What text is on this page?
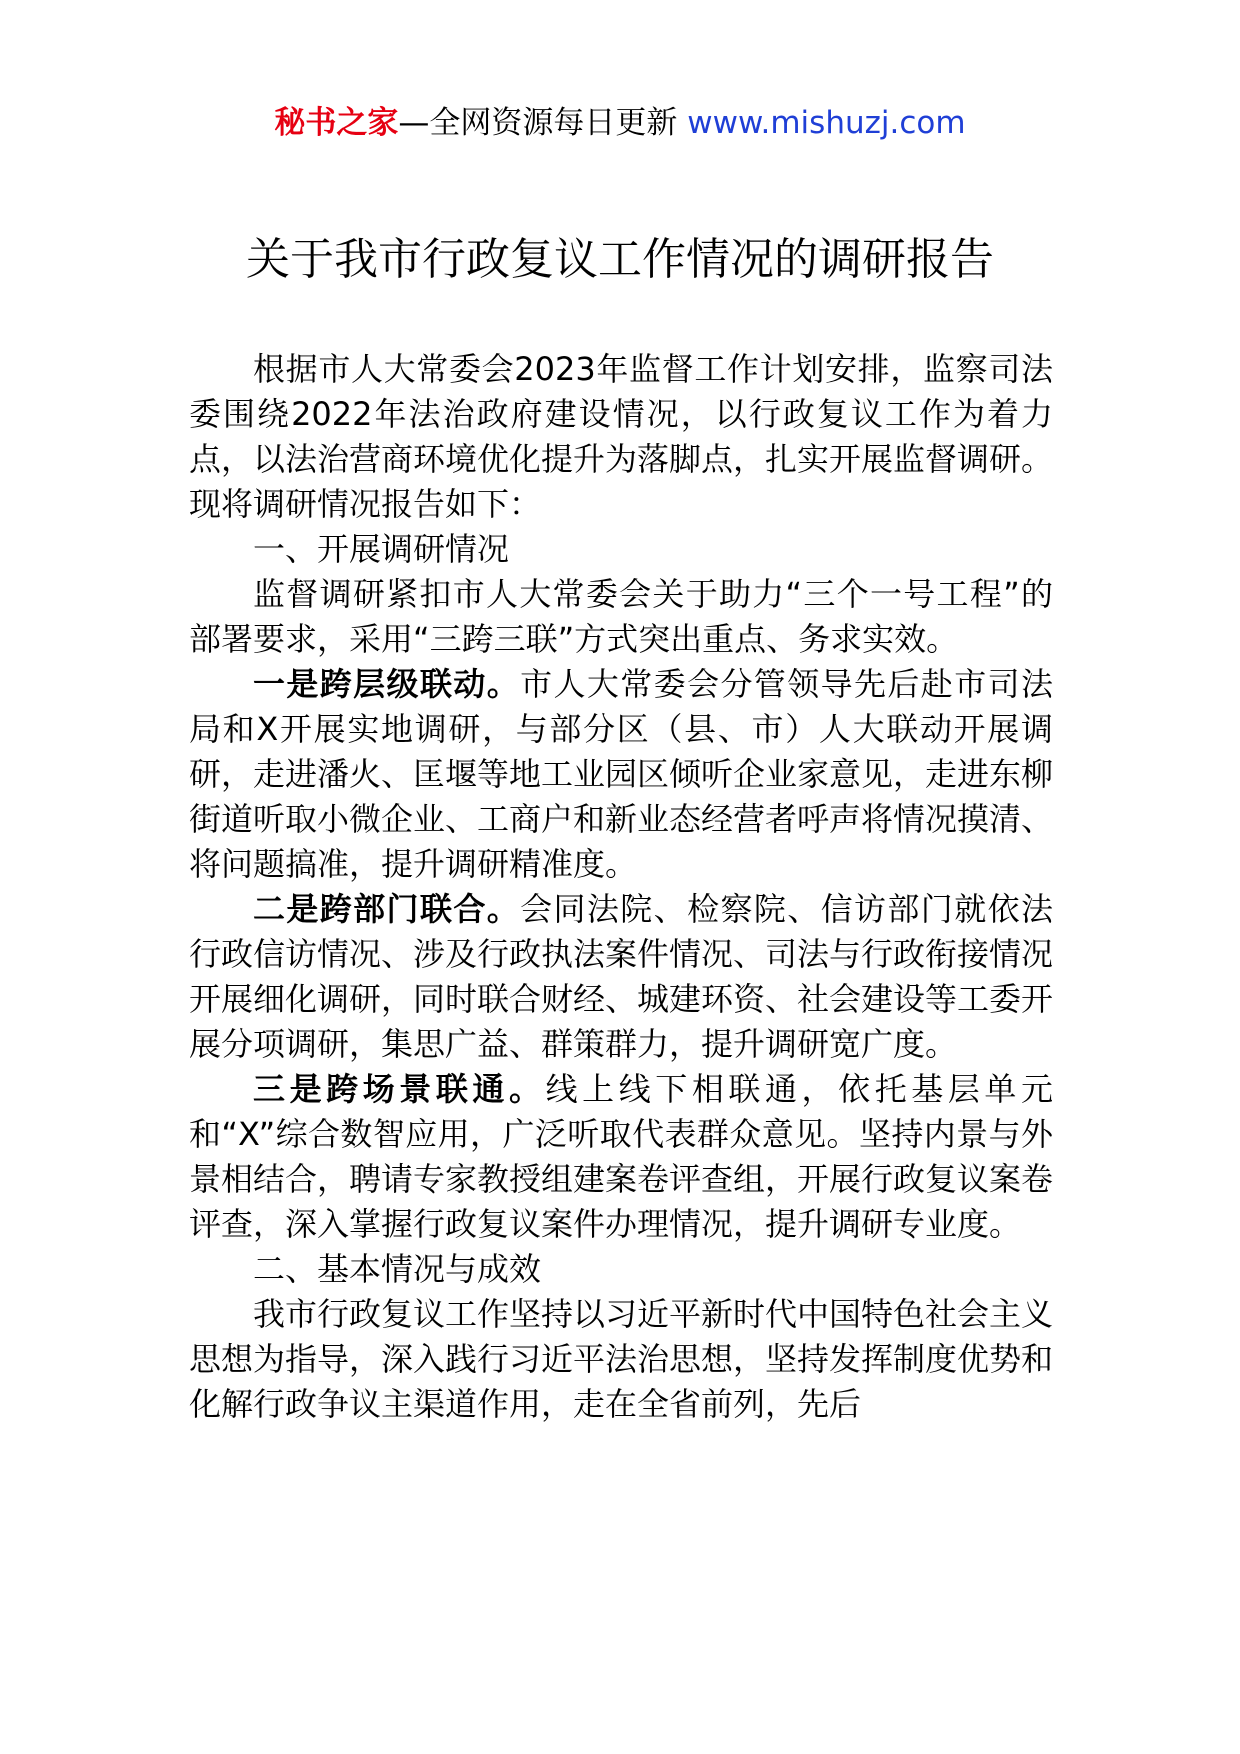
秘书之家—全网资源每日更新 www.mishuzj.com
关于我市行政复议工作情况的调研报告

根据市人大常委会2023年监督工作计划安排，监察司法委围绕2022年法治政府建设情况，以行政复议工作为着力点，以法治营商环境优化提升为落脚点，扎实开展监督调研。现将调研情况报告如下：

一、开展调研情况

监督调研紧扣市人大常委会关于助力“三个一号工程”的部署要求，采用“三跨三联”方式突出重点、务求实效。

一是跨层级联动。市人大常委会分管领导先后赴市司法局和X开展实地调研，与部分区（县、市）人大联动开展调研，走进潘火、匡堰等地工业园区倾听企业家意见，走进东柳街道听取小微企业、工商户和新业态经营者呼声将情况摸清、将问题搞准，提升调研精准度。

二是跨部门联合。会同法院、检察院、信访部门就依法行政信访情况、涉及行政执法案件情况、司法与行政衔接情况开展细化调研，同时联合财经、城建环资、社会建设等工委开展分项调研，集思广益、群策群力，提升调研宽广度。

三是跨场景联通。线上线下相联通，依托基层单元和“X”综合数智应用，广泛听取代表群众意见。坚持内景与外景相结合，聘请专家教授组建案卷评查组，开展行政复议案卷评查，深入掌握行政复议案件办理情况，提升调研专业度。

二、基本情况与成效

我市行政复议工作坚持以习近平新时代中国特色社会主义思想为指导，深入践行习近平法治思想，坚持发挥制度优势和化解行政争议主渠道作用，走在全省前列，先后
